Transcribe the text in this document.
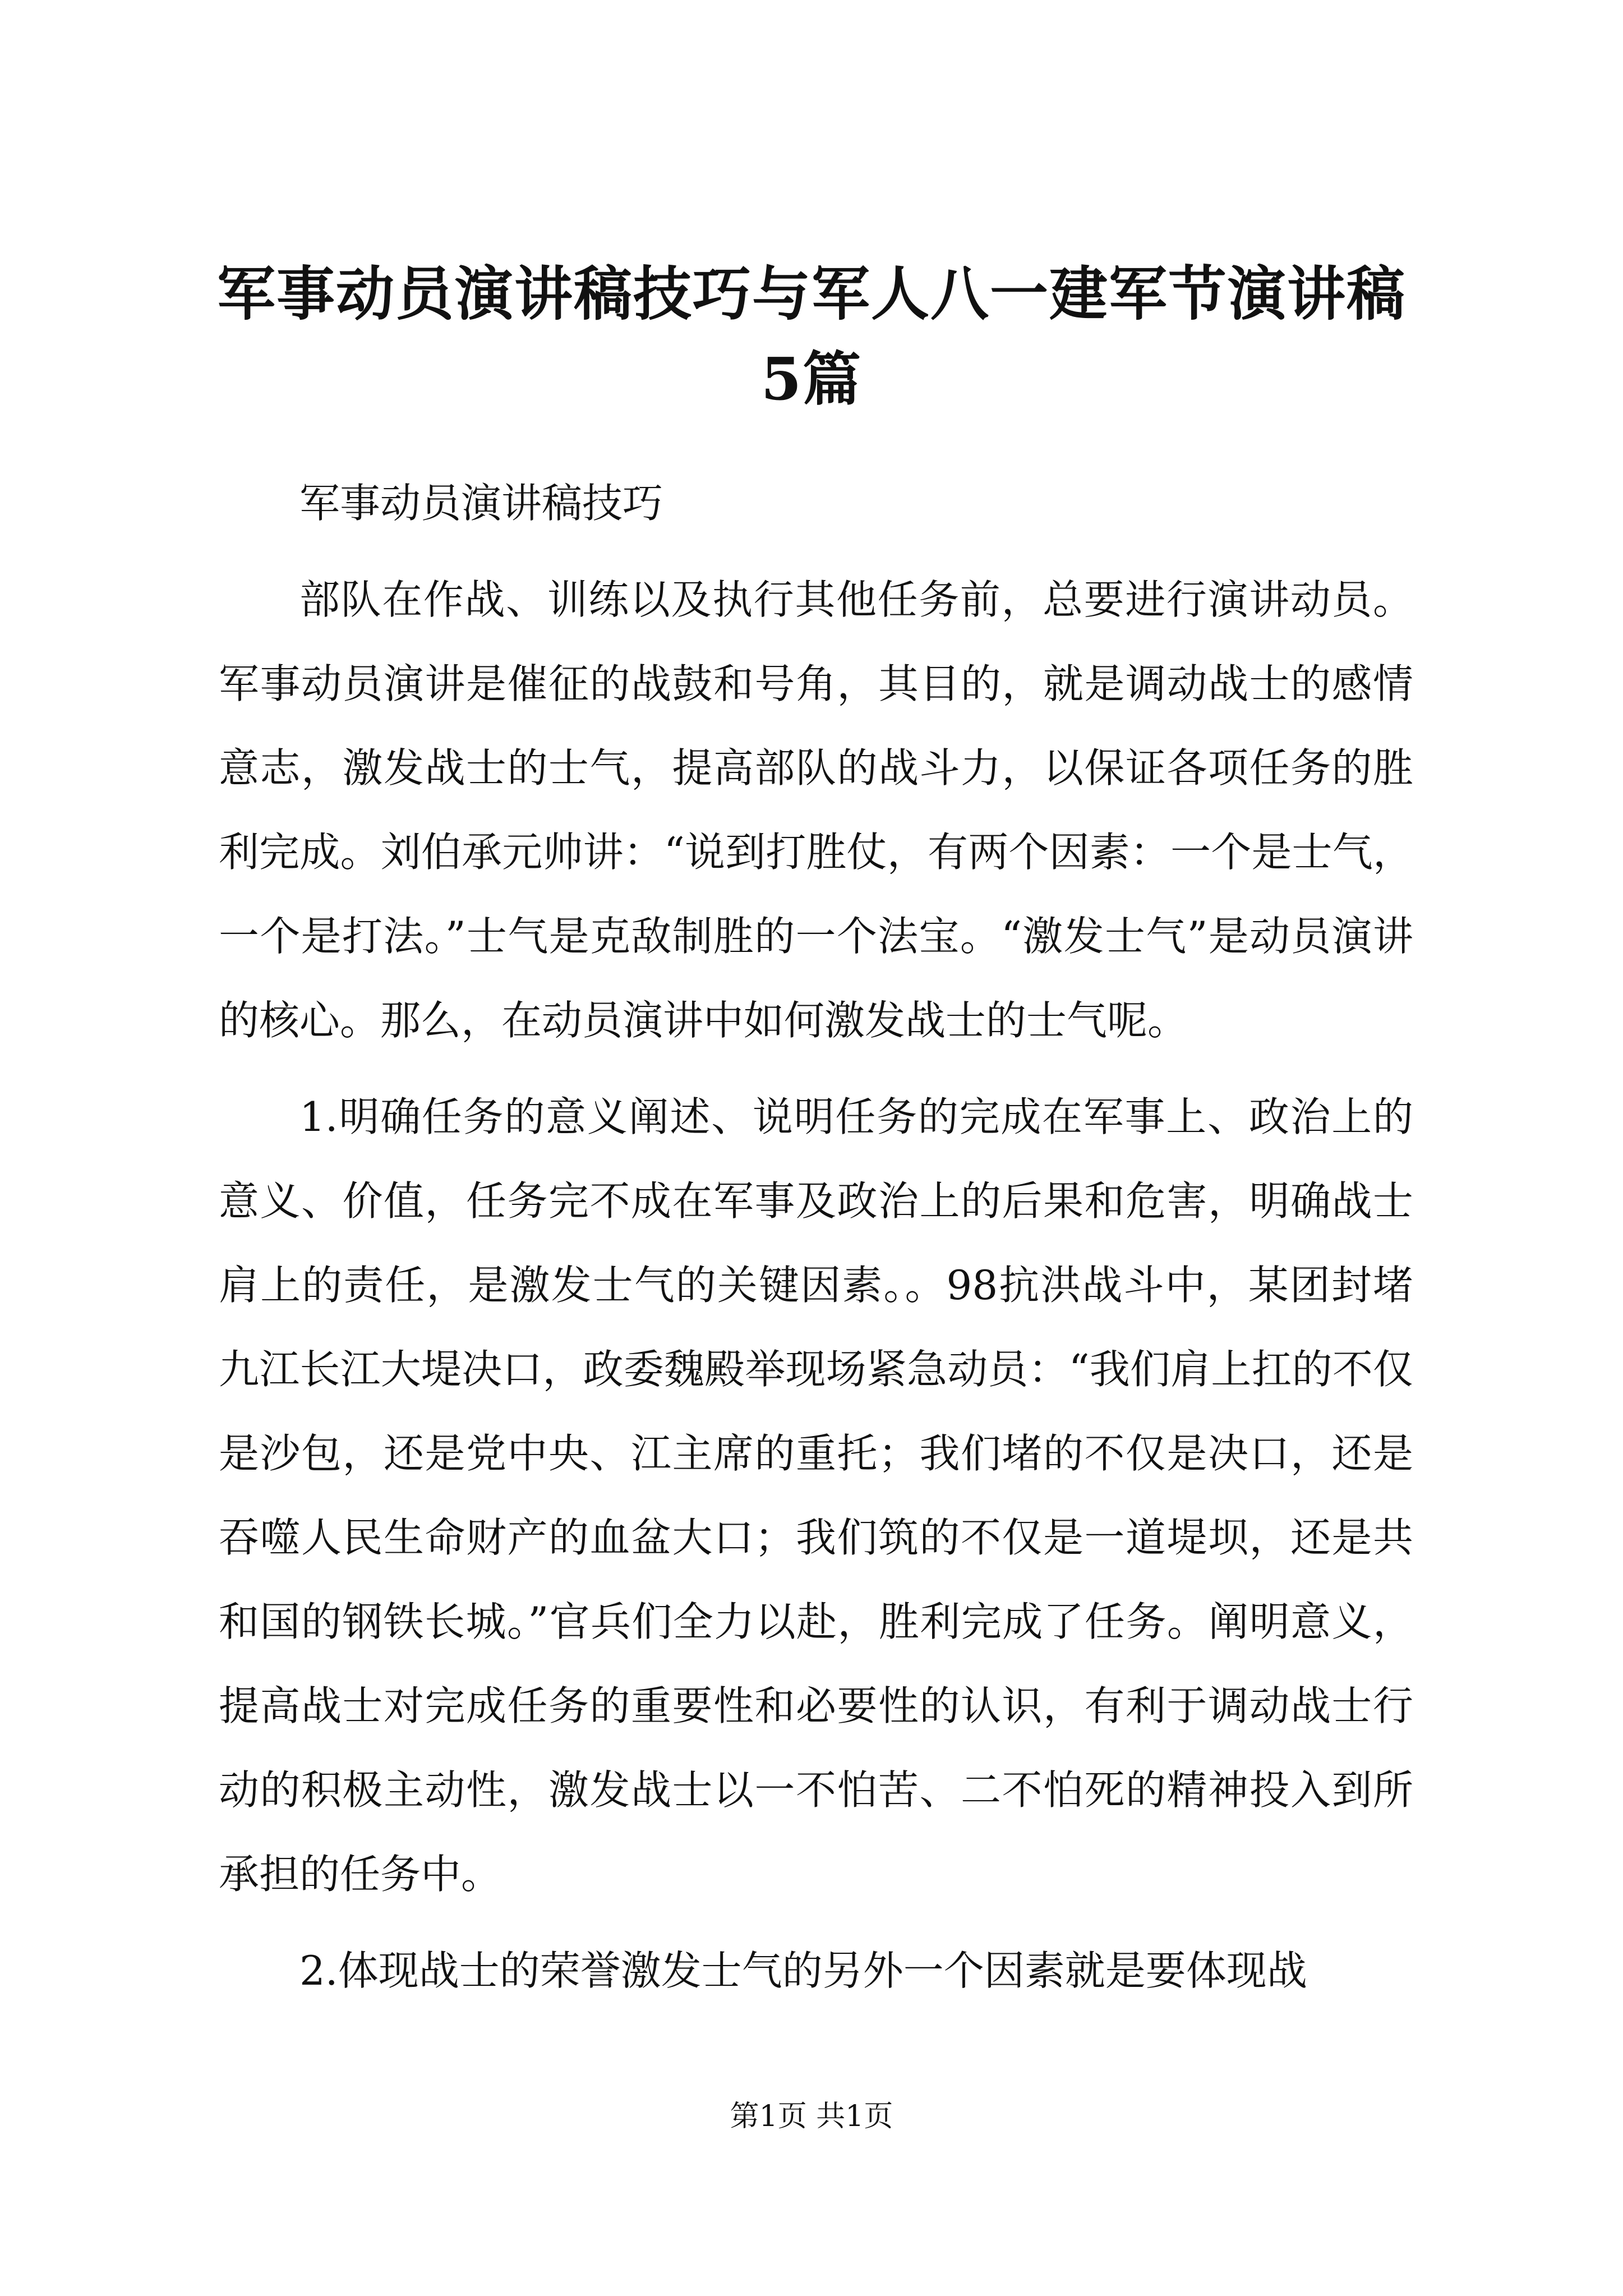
军事动员演讲稿技巧与军人八一建军节演讲稿
5篇

军事动员演讲稿技巧

部队在作战、训练以及执行其他任务前，总要进行演讲动员。军事动员演讲是催征的战鼓和号角，其目的，就是调动战士的感情意志，激发战士的士气，提高部队的战斗力，以保证各项任务的胜利完成。刘伯承元帅讲：“说到打胜仗，有两个因素：一个是士气，一个是打法。”士气是克敌制胜的一个法宝。“激发士气”是动员演讲的核心。那么，在动员演讲中如何激发战士的士气呢。

1.明确任务的意义阐述、说明任务的完成在军事上、政治上的意义、价值，任务完不成在军事及政治上的后果和危害，明确战士肩上的责任，是激发士气的关键因素。。98抗洪战斗中，某团封堵九江长江大堤决口，政委魏殿举现场紧急动员：“我们肩上扛的不仅是沙包，还是党中央、江主席的重托；我们堵的不仅是决口，还是吞噬人民生命财产的血盆大口；我们筑的不仅是一道堤坝，还是共和国的钢铁长城。”官兵们全力以赴，胜利完成了任务。阐明意义，提高战士对完成任务的重要性和必要性的认识，有利于调动战士行动的积极主动性，激发战士以一不怕苦、二不怕死的精神投入到所承担的任务中。

2.体现战士的荣誉激发士气的另外一个因素就是要体现战

第1页 共1页
